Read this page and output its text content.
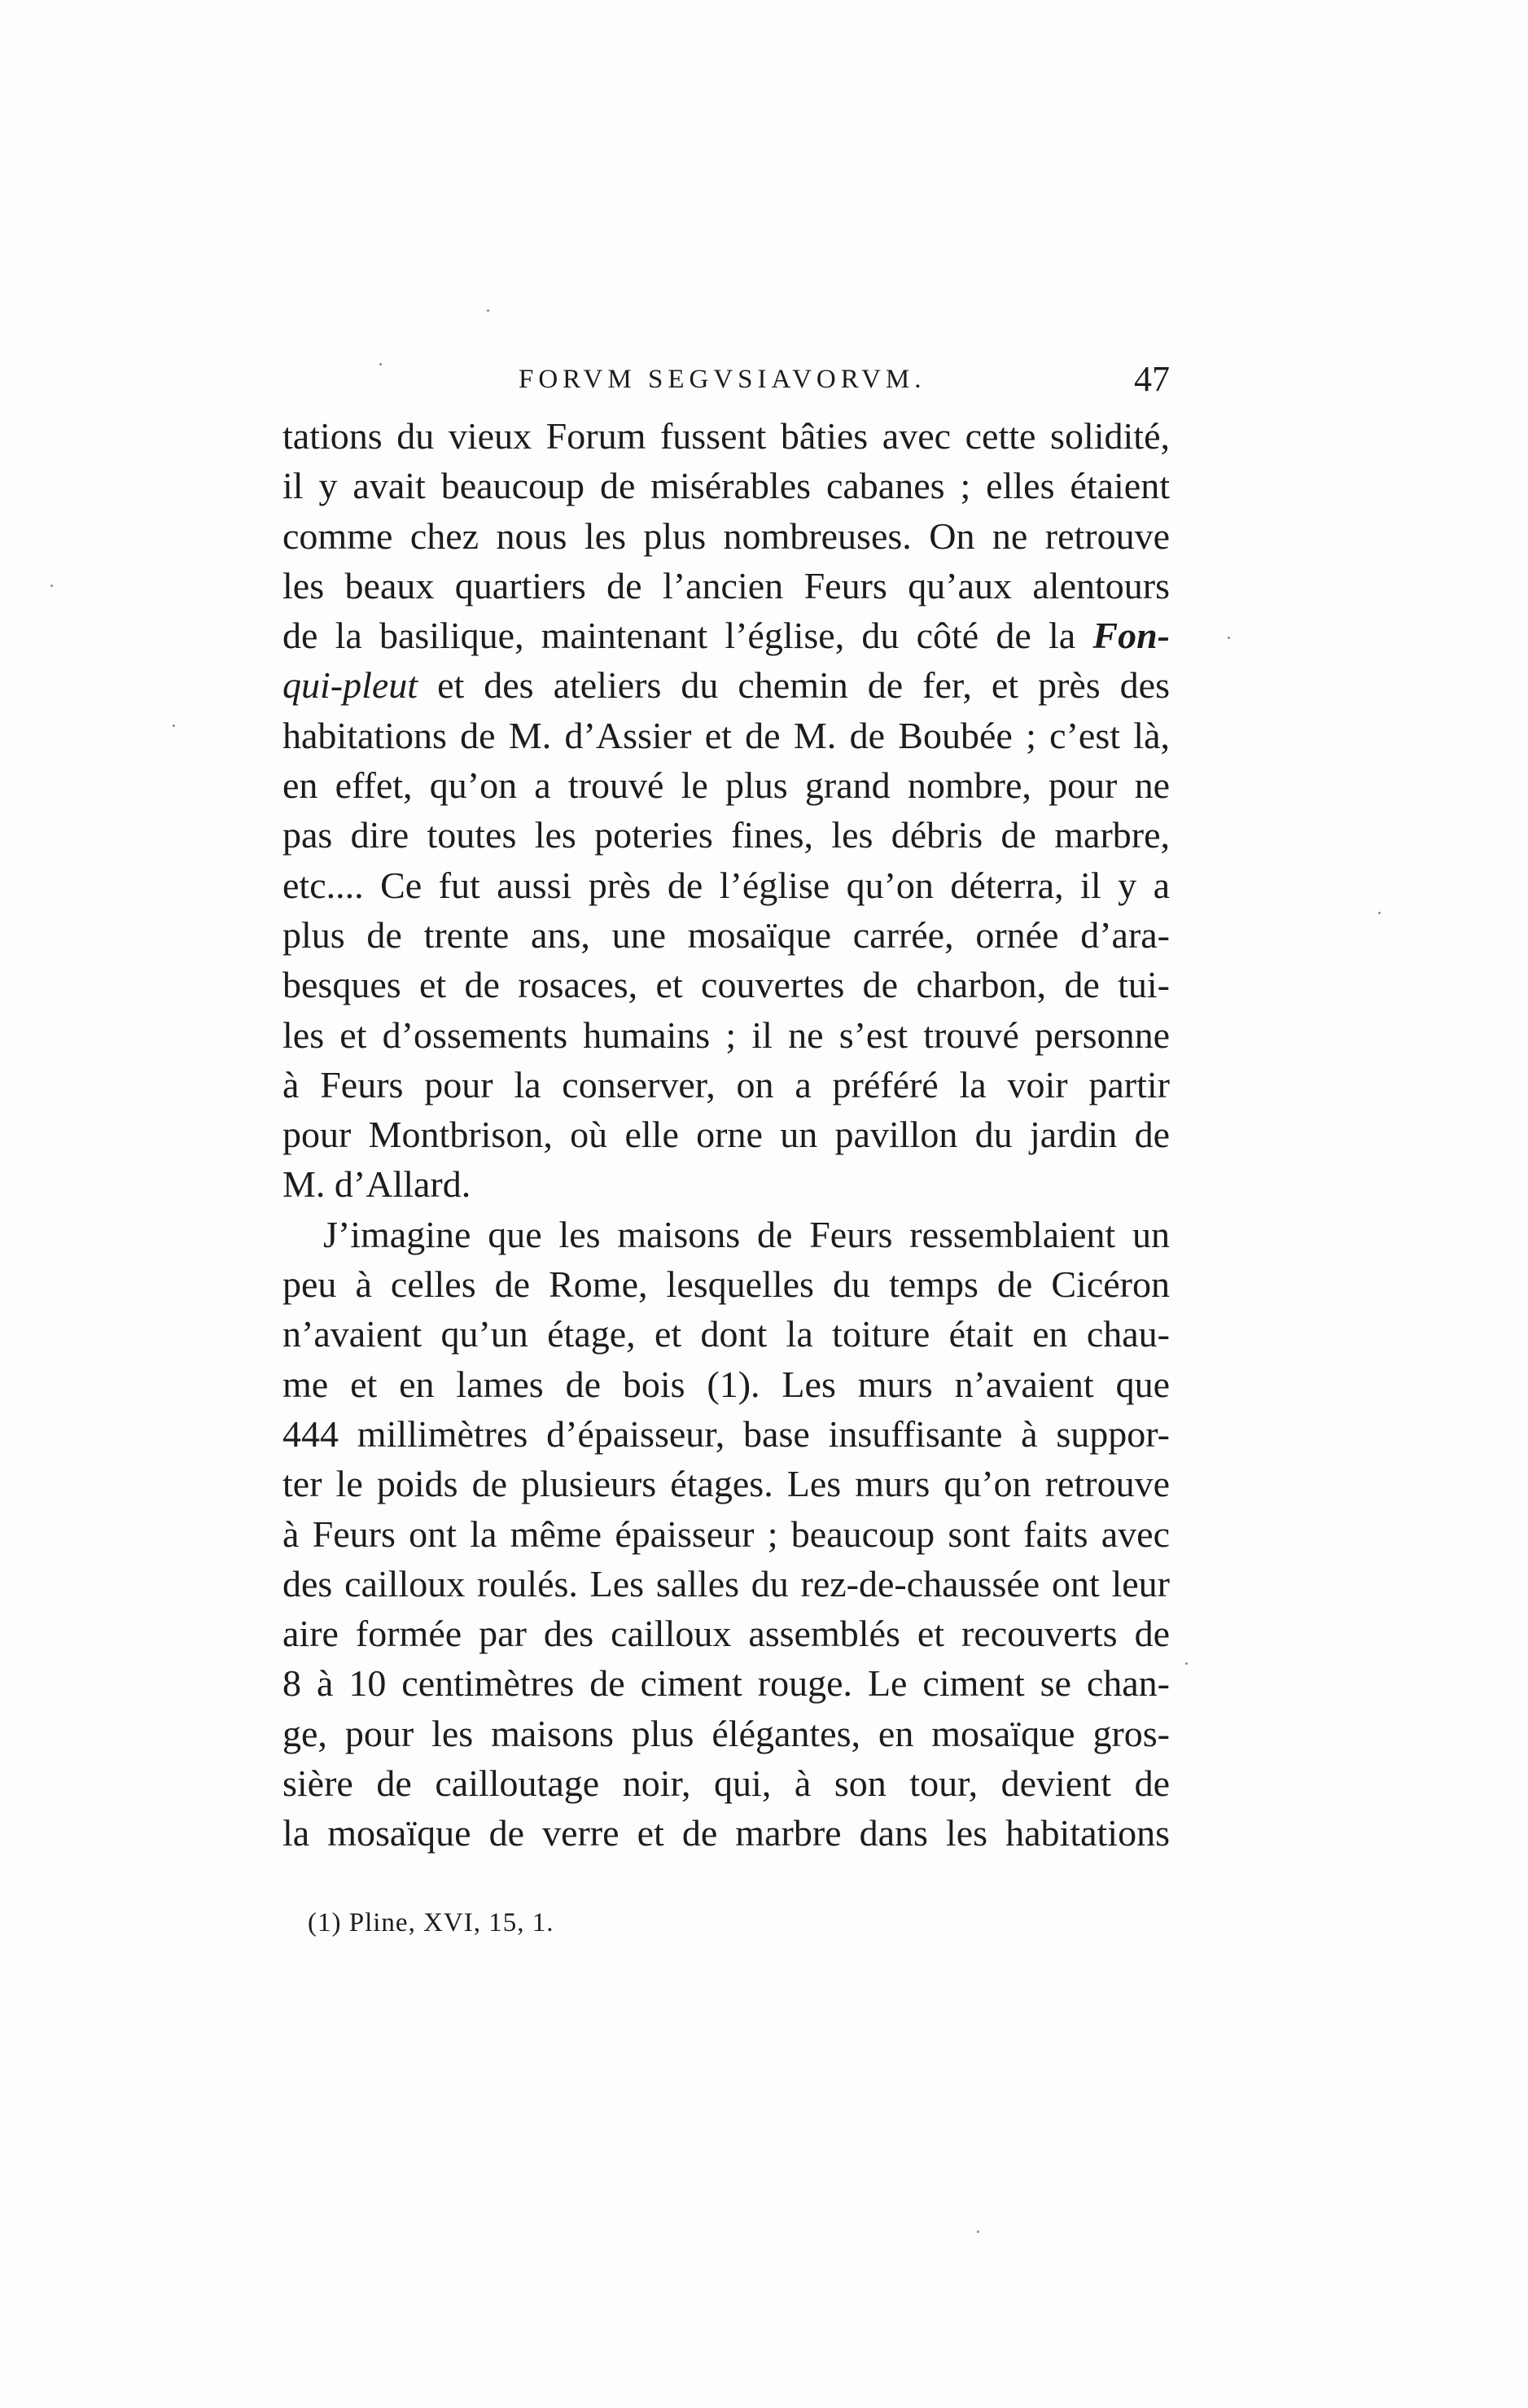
FORVM SEGVSIAVORVM.	47
tations du vieux Forum fussent bâties avec cette solidité,
il y avait beaucoup de misérables cabanes ; elles étaient
comme chez nous les plus nombreuses. On ne retrouve
les beaux quartiers de l’ancien Feurs qu’aux alentours
de la basilique, maintenant l’église, du côté de la Fon-
qui-pleut et des ateliers du chemin de fer, et près des
habitations de M. d’Assier et de M. de Boubée ; c’est là,
en effet, qu’on a trouvé le plus grand nombre, pour ne
pas dire toutes les poteries fines, les débris de marbre,
etc.... Ce fut aussi près de l’église qu’on déterra, il y a
plus de trente ans, une mosaïque carrée, ornée d’ara-
besques et de rosaces, et couvertes de charbon, de tui-
les et d’ossements humains ; il ne s’est trouvé personne
à Feurs pour la conserver, on a préféré la voir partir
pour Montbrison, où elle orne un pavillon du jardin de
M. d’Allard.
J’imagine que les maisons de Feurs ressemblaient un
peu à celles de Rome, lesquelles du temps de Cicéron
n’avaient qu’un étage, et dont la toiture était en chau-
me et en lames de bois (1). Les murs n’avaient que
444 millimètres d’épaisseur, base insuffisante à suppor-
ter le poids de plusieurs étages. Les murs qu’on retrouve
à Feurs ont la même épaisseur ; beaucoup sont faits avec
des cailloux roulés. Les salles du rez-de-chaussée ont leur
aire formée par des cailloux assemblés et recouverts de
8 à 10 centimètres de ciment rouge. Le ciment se chan-
ge, pour les maisons plus élégantes, en mosaïque gros-
sière de cailloutage noir, qui, à son tour, devient de
la mosaïque de verre et de marbre dans les habitations
(1) Pline, XVI, 15, 1.
